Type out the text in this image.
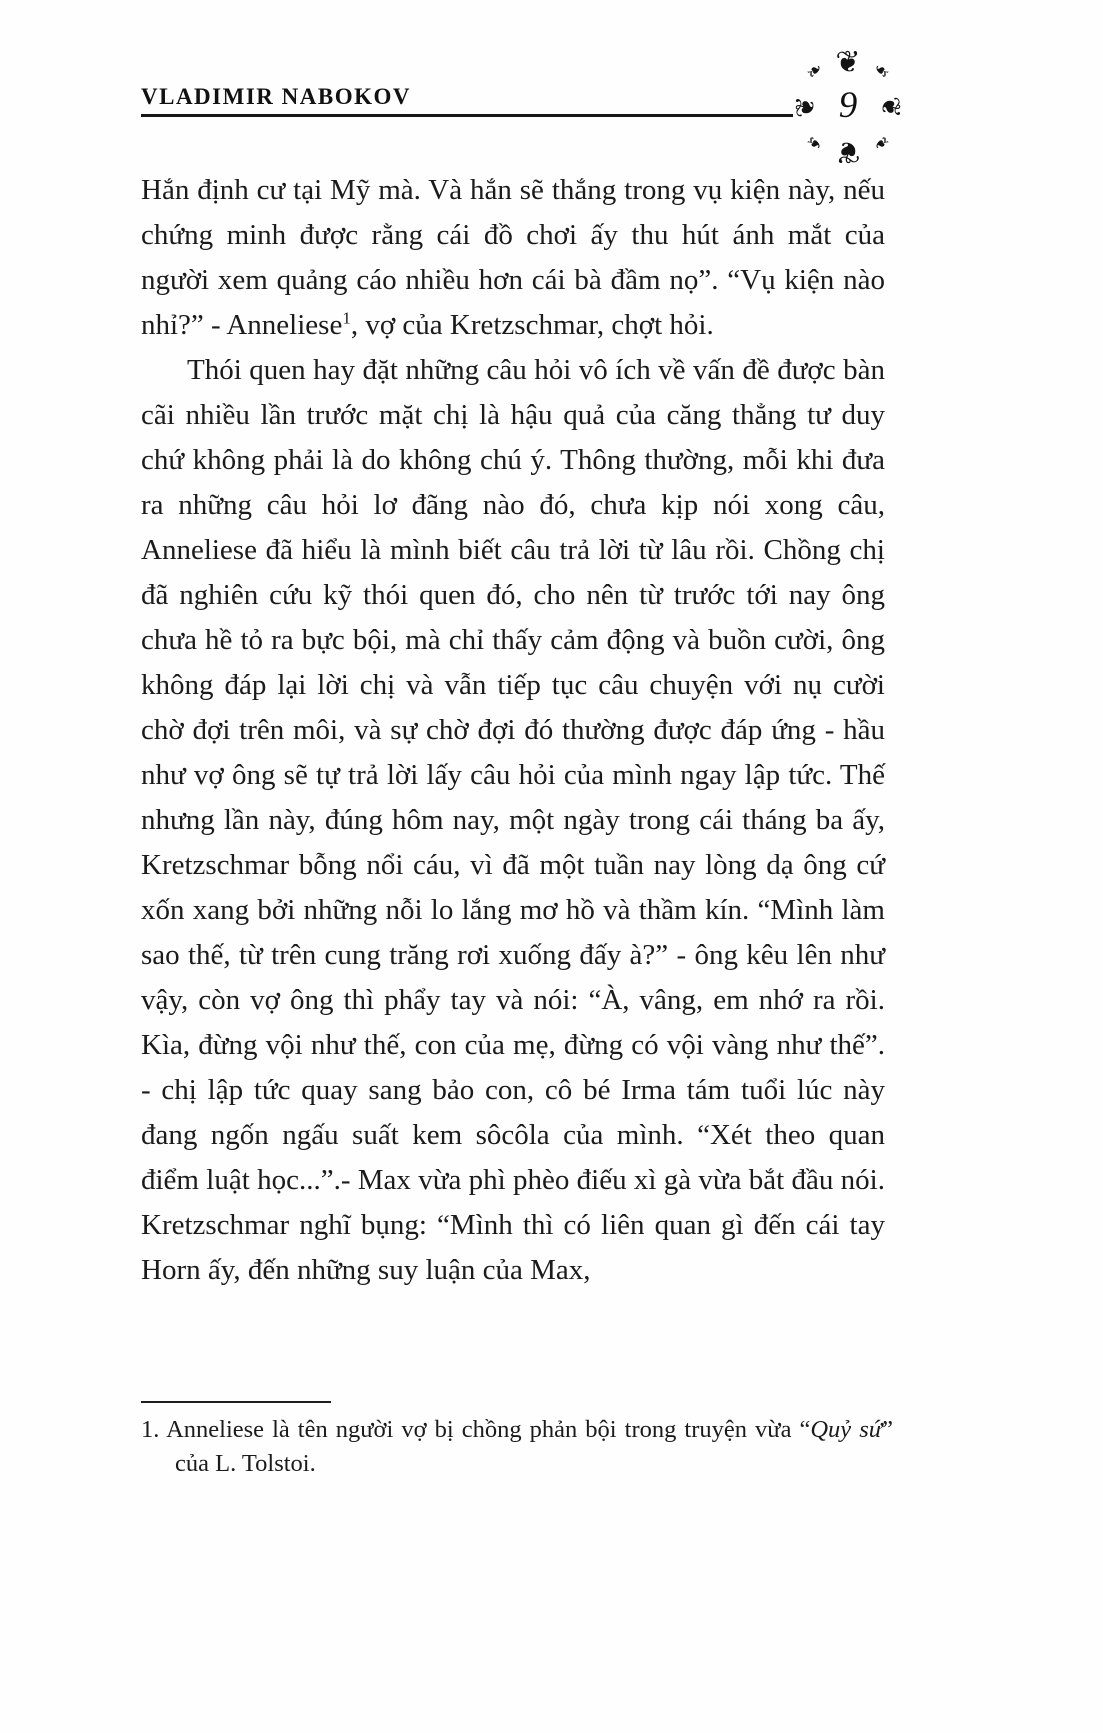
VLADIMIR NABOKOV
❦
❦
❦ ❦
❧ ❧
❧ ❧
9

Hắn định cư tại Mỹ mà. Và hắn sẽ thắng trong vụ kiện này, nếu chứng minh được rằng cái đồ chơi ấy thu hút ánh mắt của người xem quảng cáo nhiều hơn cái bà đầm nọ”. “Vụ kiện nào nhỉ?” - Anneliese$^1$, vợ của Kretzschmar, chợt hỏi.

Thói quen hay đặt những câu hỏi vô ích về vấn đề được bàn cãi nhiều lần trước mặt chị là hậu quả của căng thẳng tư duy chứ không phải là do không chú ý. Thông thường, mỗi khi đưa ra những câu hỏi lơ đãng nào đó, chưa kịp nói xong câu, Anneliese đã hiểu là mình biết câu trả lời từ lâu rồi. Chồng chị đã nghiên cứu kỹ thói quen đó, cho nên từ trước tới nay ông chưa hề tỏ ra bực bội, mà chỉ thấy cảm động và buồn cười, ông không đáp lại lời chị và vẫn tiếp tục câu chuyện với nụ cười chờ đợi trên môi, và sự chờ đợi đó thường được đáp ứng - hầu như vợ ông sẽ tự trả lời lấy câu hỏi của mình ngay lập tức. Thế nhưng lần này, đúng hôm nay, một ngày trong cái tháng ba ấy, Kretzschmar bỗng nổi cáu, vì đã một tuần nay lòng dạ ông cứ xốn xang bởi những nỗi lo lắng mơ hồ và thầm kín. “Mình làm sao thế, từ trên cung trăng rơi xuống đấy à?” - ông kêu lên như vậy, còn vợ ông thì phẩy tay và nói: “À, vâng, em nhớ ra rồi. Kìa, đừng vội như thế, con của mẹ, đừng có vội vàng như thế”. - chị lập tức quay sang bảo con, cô bé Irma tám tuổi lúc này đang ngốn ngấu suất kem sôcôla của mình. “Xét theo quan điểm luật học...”.- Max vừa phì phèo điếu xì gà vừa bắt đầu nói. Kretzschmar nghĩ bụng: “Mình thì có liên quan gì đến cái tay Horn ấy, đến những suy luận của Max,

1. Anneliese là tên người vợ bị chồng phản bội trong truyện vừa “Quỷ sứ” của L. Tolstoi.
